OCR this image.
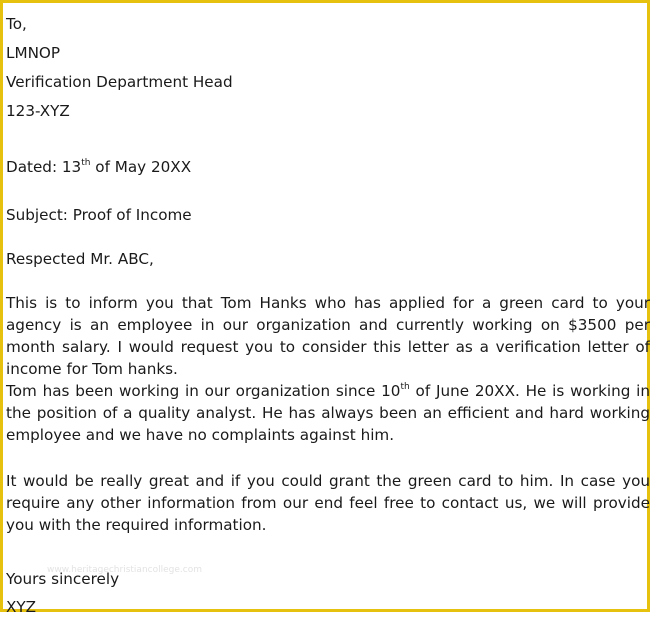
To,
LMNOP
Verification Department Head
123-XYZ
Dated: 13th of May 20XX
Subject: Proof of Income
Respected Mr. ABC,

This is to inform you that Tom Hanks who has applied for a green card to your agency is an employee in our organization and currently working on $3500 per month salary. I would request you to consider this letter as a verification letter of income for Tom hanks.

Tom has been working in our organization since 10th of June 20XX. He is working in the position of a quality analyst. He has always been an efficient and hard working employee and we have no complaints against him.

It would be really great and if you could grant the green card to him. In case you require any other information from our end feel free to contact us, we will provide you with the required information.

Yours sincerely
XYZ
www.heritagechristiancollege.com
